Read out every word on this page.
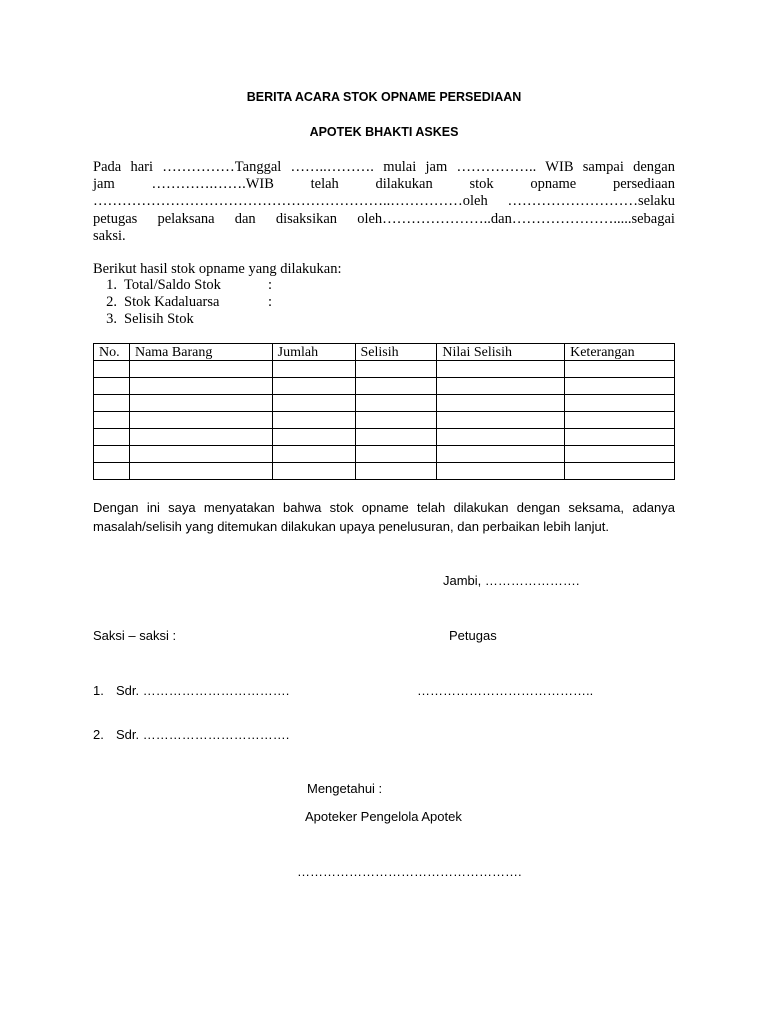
BERITA ACARA STOK OPNAME PERSEDIAAN
APOTEK BHAKTI ASKES
Pada hari ……………Tanggal ……..………. mulai jam …………….. WIB sampai dengan
jam	………….…….WIB	telah	dilakukan	stok	opname	persediaan
……………………………………………………..……………oleh ………………………selaku
petugas pelaksana dan disaksikan oleh…………………..dan………………….....sebagai
saksi.
Berikut hasil stok opname yang dilakukan:
1. Total/Saldo Stok	:
2. Stok Kadaluarsa	:
3. Selisih Stok
No.	Nama Barang	Jumlah	Selisih	Nilai Selisih	Keterangan

Dengan ini saya menyatakan bahwa stok opname telah dilakukan dengan seksama, adanya
masalah/selisih yang ditemukan dilakukan upaya penelusuran, dan perbaikan lebih lanjut.
Jambi, ………………….
Saksi – saksi :	Petugas
1. Sdr. …………………………….	…………………………………..
2. Sdr. …………………………….
Mengetahui :
Apoteker Pengelola Apotek
…………………………………………….
